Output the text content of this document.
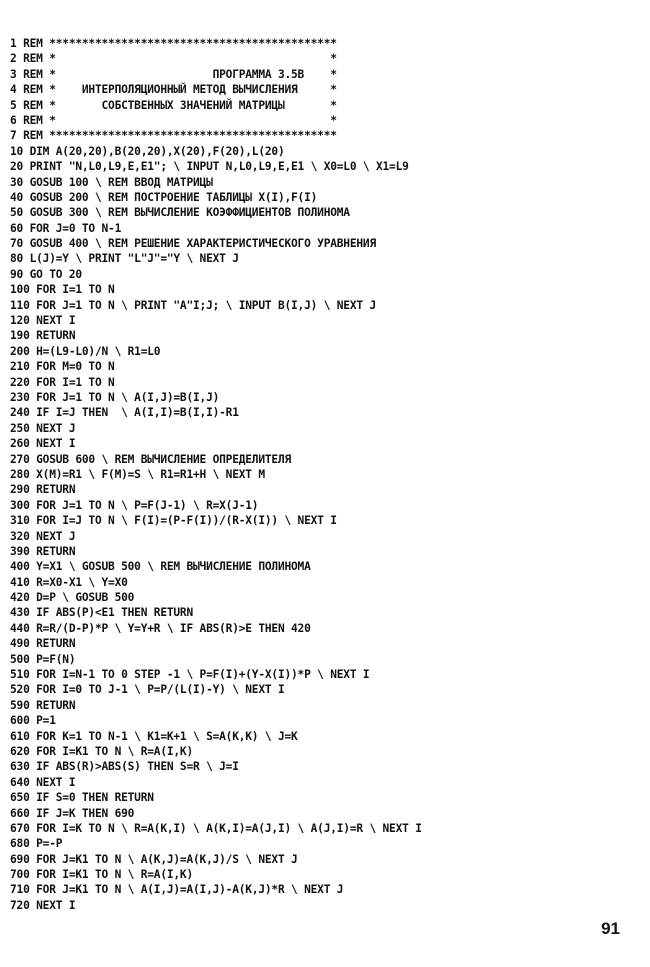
1 REM ********************************************
2 REM *                                          *
3 REM *                        ПРОГРАММА 3.5В    *
4 REM *    ИНТЕРПОЛЯЦИОННЫЙ МЕТОД ВЫЧИСЛЕНИЯ     *
5 REM *       СОБСТВЕННЫХ ЗНАЧЕНИЙ МАТРИЦЫ       *
6 REM *                                          *
7 REM ********************************************
10 DIM A(20,20),B(20,20),X(20),F(20),L(20)
20 PRINT "N,L0,L9,E,E1"; \ INPUT N,L0,L9,E,E1 \ X0=L0 \ X1=L9
30 GOSUB 100 \ REM ВВОД МАТРИЦЫ
40 GOSUB 200 \ REM ПОСТРОЕНИЕ ТАБЛИЦЫ X(I),F(I)
50 GOSUB 300 \ REM ВЫЧИСЛЕНИЕ КОЭФФИЦИЕНТОВ ПОЛИНОМА
60 FOR J=0 TO N-1
70 GOSUB 400 \ REM РЕШЕНИЕ ХАРАКТЕРИСТИЧЕСКОГО УРАВНЕНИЯ
80 L(J)=Y \ PRINT "L"J"="Y \ NEXT J
90 GO TO 20
100 FOR I=1 TO N
110 FOR J=1 TO N \ PRINT "A"I;J; \ INPUT B(I,J) \ NEXT J
120 NEXT I
190 RETURN
200 H=(L9-L0)/N \ R1=L0
210 FOR M=0 TO N
220 FOR I=1 TO N
230 FOR J=1 TO N \ A(I,J)=B(I,J)
240 IF I=J THEN  \ A(I,I)=B(I,I)-R1
250 NEXT J
260 NEXT I
270 GOSUB 600 \ REM ВЫЧИСЛЕНИЕ ОПРЕДЕЛИТЕЛЯ
280 X(M)=R1 \ F(M)=S \ R1=R1+H \ NEXT M
290 RETURN
300 FOR J=1 TO N \ P=F(J-1) \ R=X(J-1)
310 FOR I=J TO N \ F(I)=(P-F(I))/(R-X(I)) \ NEXT I
320 NEXT J
390 RETURN
400 Y=X1 \ GOSUB 500 \ REM ВЫЧИСЛЕНИЕ ПОЛИНОМА
410 R=X0-X1 \ Y=X0
420 D=P \ GOSUB 500
430 IF ABS(P)<E1 THEN RETURN
440 R=R/(D-P)*P \ Y=Y+R \ IF ABS(R)>E THEN 420
490 RETURN
500 P=F(N)
510 FOR I=N-1 TO 0 STEP -1 \ P=F(I)+(Y-X(I))*P \ NEXT I
520 FOR I=0 TO J-1 \ P=P/(L(I)-Y) \ NEXT I
590 RETURN
600 P=1
610 FOR K=1 TO N-1 \ K1=K+1 \ S=A(K,K) \ J=K
620 FOR I=K1 TO N \ R=A(I,K)
630 IF ABS(R)>ABS(S) THEN S=R \ J=I
640 NEXT I
650 IF S=0 THEN RETURN
660 IF J=K THEN 690
670 FOR I=K TO N \ R=A(K,I) \ A(K,I)=A(J,I) \ A(J,I)=R \ NEXT I
680 P=-P
690 FOR J=K1 TO N \ A(K,J)=A(K,J)/S \ NEXT J
700 FOR I=K1 TO N \ R=A(I,K)
710 FOR J=K1 TO N \ A(I,J)=A(I,J)-A(K,J)*R \ NEXT J
720 NEXT I
91
